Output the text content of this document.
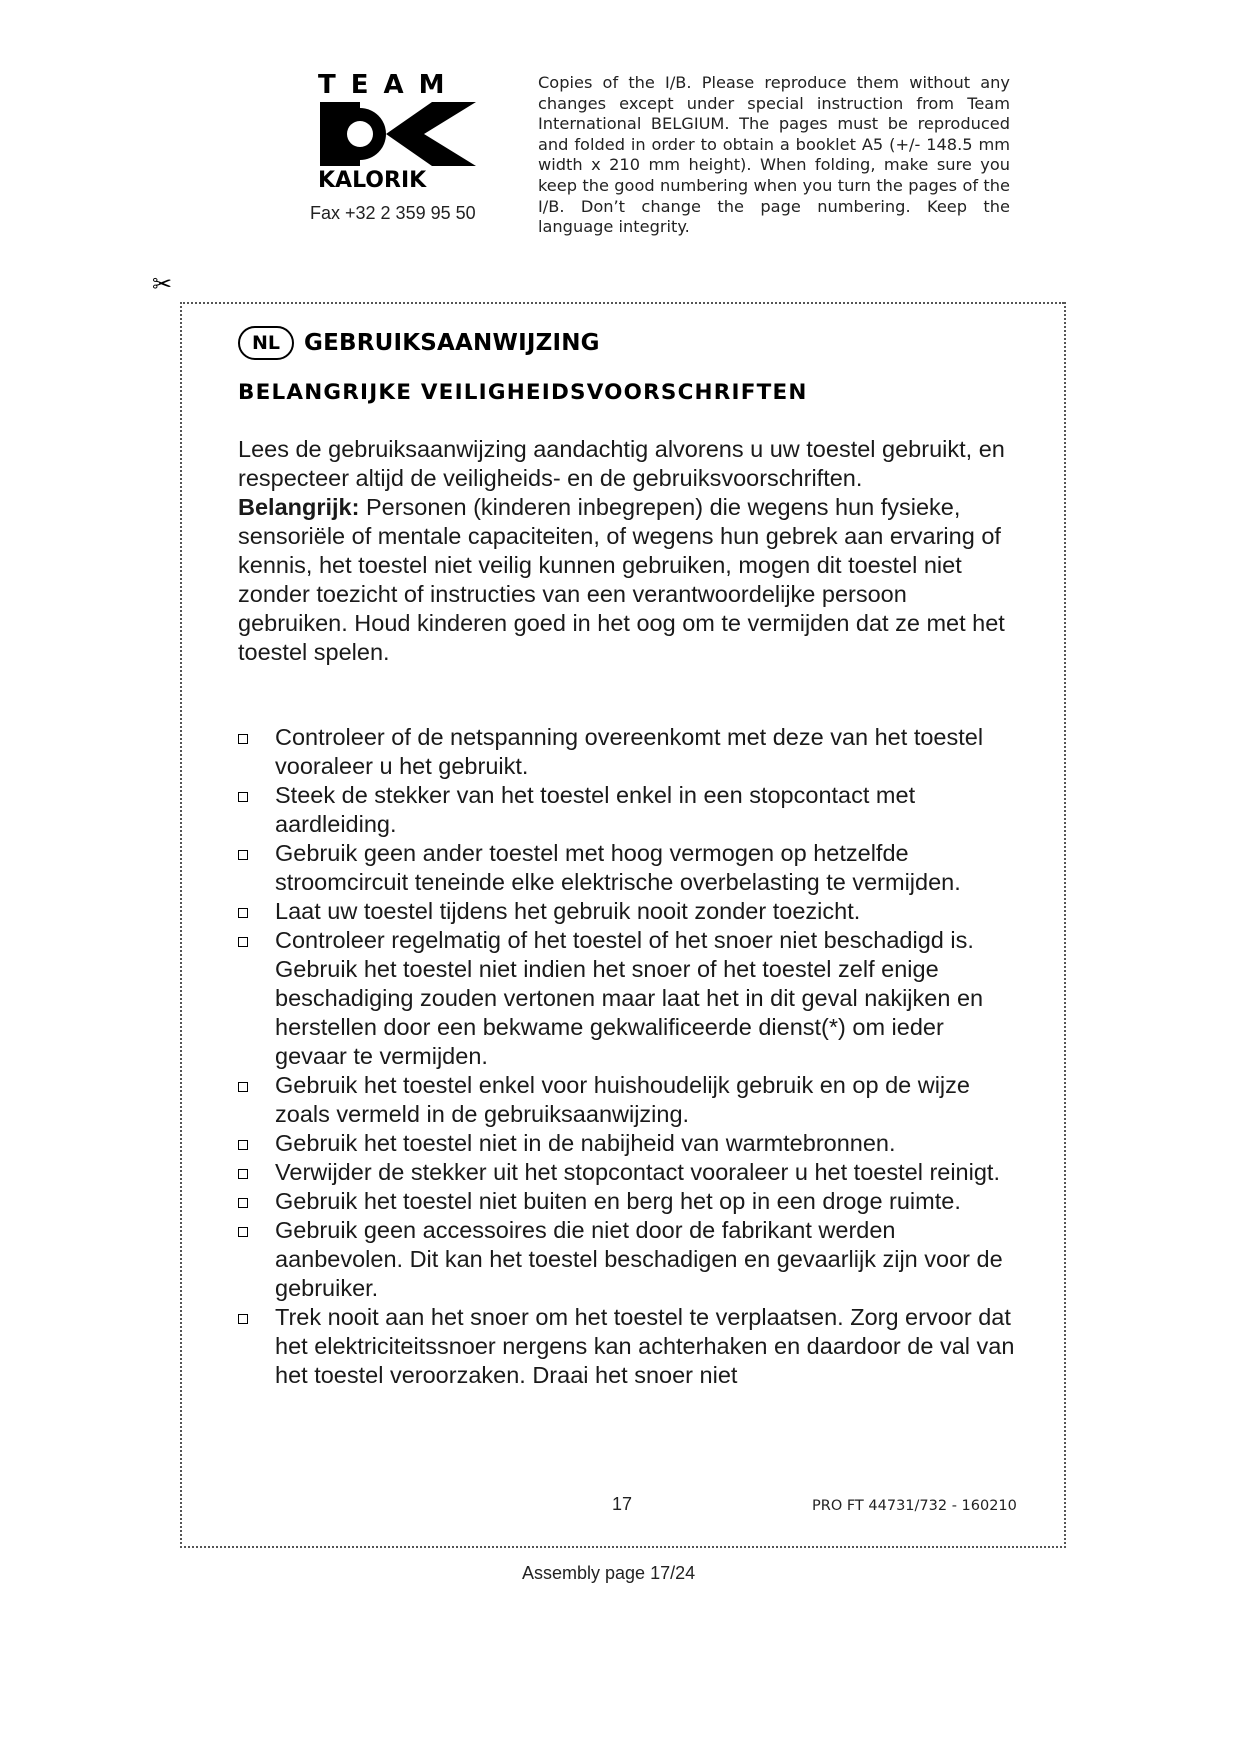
TEAM
KALORIK
Fax +32 2 359 95 50
Copies of the I/B. Please reproduce them without any changes except under special instruction from Team International BELGIUM. The pages must be reproduced and folded in order to obtain a booklet A5 (+/- 148.5 mm width x 210 mm height). When folding, make sure you keep the good numbering when you turn the pages of the I/B. Don’t change the page numbering. Keep the language integrity.
✂
NL	GEBRUIKSAANWIJZING
BELANGRIJKE VEILIGHEIDSVOORSCHRIFTEN

Lees de gebruiksaanwijzing aandachtig alvorens u uw toestel gebruikt, en respecteer altijd de veiligheids- en de gebruiksvoorschriften.

Belangrijk: Personen (kinderen inbegrepen) die wegens hun fysieke, sensoriële of mentale capaciteiten, of wegens hun gebrek aan ervaring of kennis, het toestel niet veilig kunnen gebruiken, mogen dit toestel niet zonder toezicht of instructies van een verantwoordelijke persoon gebruiken. Houd kinderen goed in het oog om te vermijden dat ze met het toestel spelen.

Controleer of de netspanning overeenkomt met deze van het toestel vooraleer u het gebruikt.
Steek de stekker van het toestel enkel in een stopcontact met aardleiding.
Gebruik geen ander toestel met hoog vermogen op hetzelfde stroomcircuit teneinde elke elektrische overbelasting te vermijden.
Laat uw toestel tijdens het gebruik nooit zonder toezicht.
Controleer regelmatig of het toestel of het snoer niet beschadigd is. Gebruik het toestel niet indien het snoer of het toestel zelf enige beschadiging zouden vertonen maar laat het in dit geval nakijken en herstellen door een bekwame gekwalificeerde dienst(*) om ieder gevaar te vermijden.
Gebruik het toestel enkel voor huishoudelijk gebruik en op de wijze zoals vermeld in de gebruiksaanwijzing.
Gebruik het toestel niet in de nabijheid van warmtebronnen.
Verwijder de stekker uit het stopcontact vooraleer u het toestel reinigt.
Gebruik het toestel niet buiten en berg het op in een droge ruimte.
Gebruik geen accessoires die niet door de fabrikant werden aanbevolen. Dit kan het toestel beschadigen en gevaarlijk zijn voor de gebruiker.
Trek nooit aan het snoer om het toestel te verplaatsen. Zorg ervoor dat het elektriciteitssnoer nergens kan achterhaken en daardoor de val van het toestel veroorzaken. Draai het snoer niet
17	PRO FT 44731/732 - 160210
Assembly page 17/24
